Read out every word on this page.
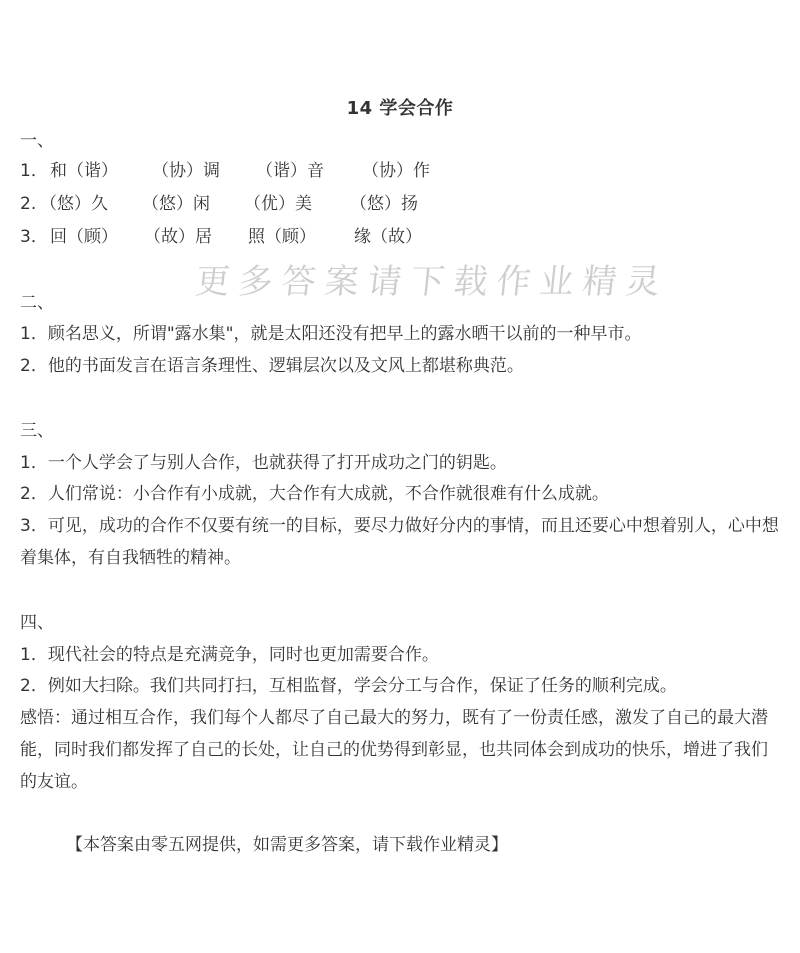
14 学会合作
一、
1． 和（谐） （协）调 （谐）音 （协）作
2. （悠）久 （悠）闲 （优）美 （悠）扬
3． 回（顾） （故）居 照（顾） 缘（故）
更多答案请下载作业精灵
二、
1．顾名思义，所谓"露水集"，就是太阳还没有把早上的露水晒干以前的一种早市。
2．他的书面发言在语言条理性、逻辑层次以及文风上都堪称典范。
三、
1．一个人学会了与别人合作，也就获得了打开成功之门的钥匙。
2．人们常说：小合作有小成就，大合作有大成就，不合作就很难有什么成就。
3．可见，成功的合作不仅要有统一的目标，要尽力做好分内的事情，而且还要心中想着别人，心中想着集体，有自我牺牲的精神。
四、
1．现代社会的特点是充满竞争，同时也更加需要合作。
2．例如大扫除。我们共同打扫，互相监督，学会分工与合作，保证了任务的顺利完成。
感悟：通过相互合作，我们每个人都尽了自己最大的努力，既有了一份责任感，激发了自己的最大潜能，同时我们都发挥了自己的长处，让自己的优势得到彰显，也共同体会到成功的快乐，增进了我们的友谊。
【本答案由零五网提供，如需更多答案，请下载作业精灵】
